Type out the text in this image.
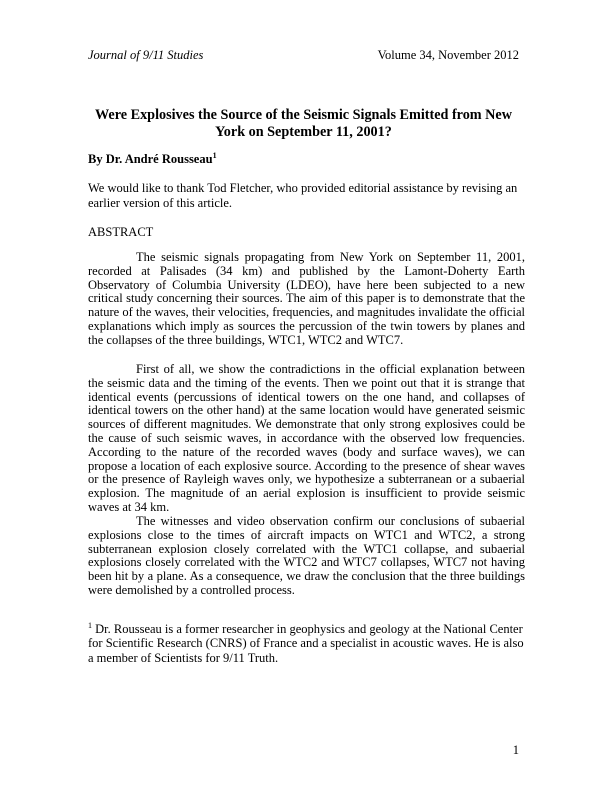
Journal of 9/11 Studies	Volume 34, November 2012
Were Explosives the Source of the Seismic Signals Emitted from New York on September 11, 2001?
By Dr. André Rousseau$^1$
We would like to thank Tod Fletcher, who provided editorial assistance by revising an earlier version of this article.
ABSTRACT

The seismic signals propagating from New York on September 11, 2001, recorded at Palisades (34 km) and published by the Lamont-Doherty Earth Observatory of Columbia University (LDEO), have here been subjected to a new critical study concerning their sources. The aim of this paper is to demonstrate that the nature of the waves, their velocities, frequencies, and magnitudes invalidate the official explanations which imply as sources the percussion of the twin towers by planes and the collapses of the three buildings, WTC1, WTC2 and WTC7.

First of all, we show the contradictions in the official explanation between the seismic data and the timing of the events. Then we point out that it is strange that identical events (percussions of identical towers on the one hand, and collapses of identical towers on the other hand) at the same location would have generated seismic sources of different magnitudes. We demonstrate that only strong explosives could be the cause of such seismic waves, in accordance with the observed low frequencies. According to the nature of the recorded waves (body and surface waves), we can propose a location of each explosive source. According to the presence of shear waves or the presence of Rayleigh waves only, we hypothesize a subterranean or a subaerial explosion. The magnitude of an aerial explosion is insufficient to provide seismic waves at 34 km.

The witnesses and video observation confirm our conclusions of subaerial explosions close to the times of aircraft impacts on WTC1 and WTC2, a strong subterranean explosion closely correlated with the WTC1 collapse, and subaerial explosions closely correlated with the WTC2 and WTC7 collapses, WTC7 not having been hit by a plane. As a consequence, we draw the conclusion that the three buildings were demolished by a controlled process.

$^1$ Dr. Rousseau is a former researcher in geophysics and geology at the National Center for Scientific Research (CNRS) of France and a specialist in acoustic waves. He is also a member of Scientists for 9/11 Truth.
1
